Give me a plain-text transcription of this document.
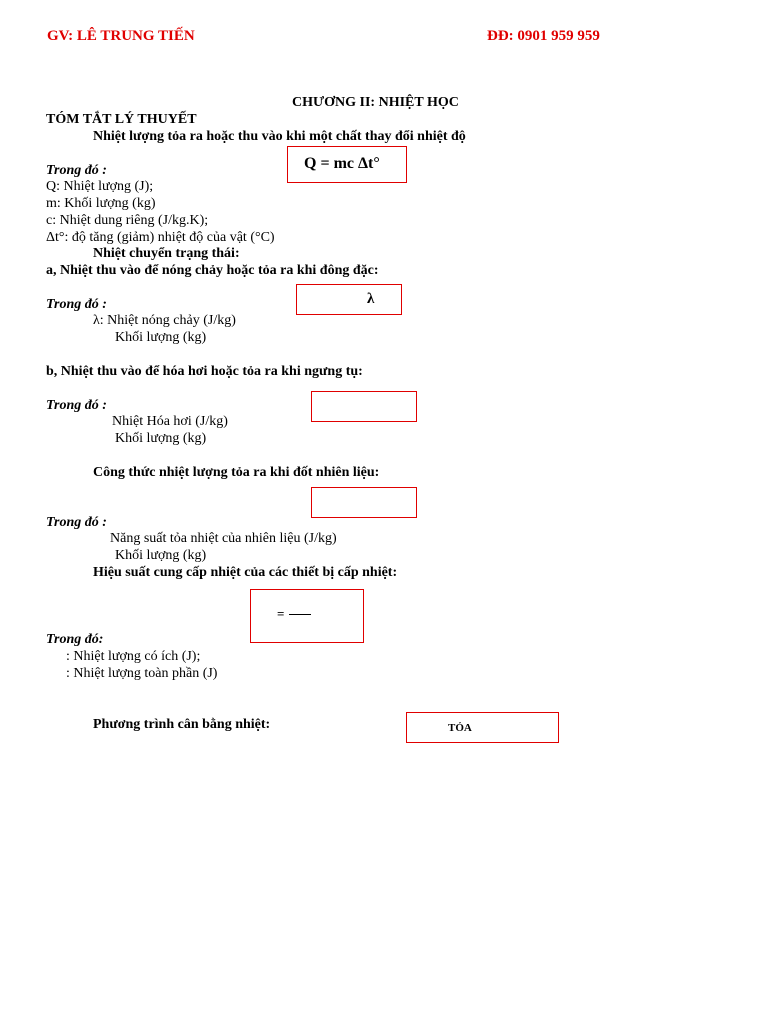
GV: LÊ TRUNG TIẾN	ĐĐ: 0901 959 959
CHƯƠNG II: NHIỆT HỌC
TÓM TẮT LÝ THUYẾT
Nhiệt lượng tỏa ra hoặc thu vào khi một chất thay đổi nhiệt độ
Q = mc Δt°
Trong đó :
Q: Nhiệt lượng (J);
m: Khối lượng (kg)
c: Nhiệt dung riêng (J/kg.K);
Δt°: độ tăng (giảm) nhiệt độ của vật (°C)
Nhiệt chuyển trạng thái:
a, Nhiệt thu vào để nóng chảy hoặc tỏa ra khi đông đặc:
λ
Trong đó :
λ: Nhiệt nóng chảy (J/kg)
Khối lượng (kg)
b, Nhiệt thu vào để hóa hơi hoặc tỏa ra khi ngưng tụ:
Trong đó :
Nhiệt Hóa hơi (J/kg)
Khối lượng (kg)
Công thức nhiệt lượng tỏa ra khi đốt nhiên liệu:
Trong đó :
Năng suất tỏa nhiệt của nhiên liệu (J/kg)
Khối lượng (kg)
Hiệu suất cung cấp nhiệt của các thiết bị cấp nhiệt:
=
Trong đó:
: Nhiệt lượng có ích (J);
: Nhiệt lượng toàn phần (J)
Phương trình cân bằng nhiệt:	TỎA
